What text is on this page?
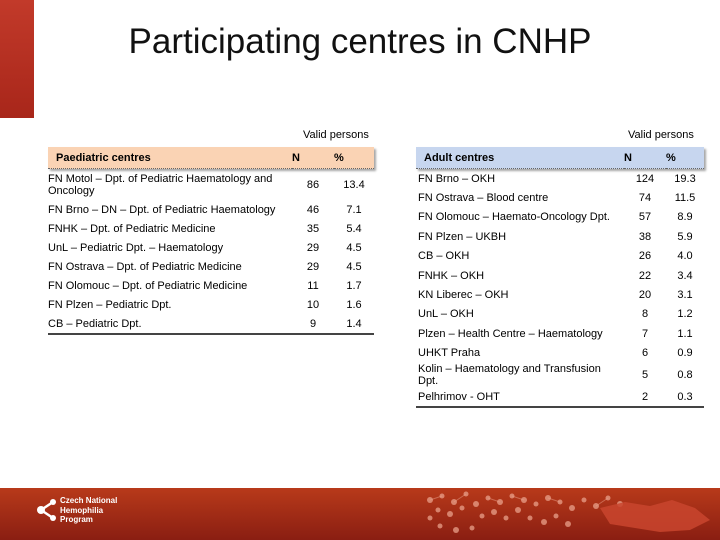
Participating centres in CNHP
Valid persons
Paediatric centres	N	%
FN Motol – Dpt. of Pediatric Haematology and Oncology	86	13.4
FN Brno – DN – Dpt. of Pediatric Haematology	46	7.1
FNHK – Dpt. of Pediatric Medicine	35	5.4
UnL – Pediatric Dpt. – Haematology	29	4.5
FN Ostrava – Dpt. of Pediatric Medicine	29	4.5
FN Olomouc – Dpt. of Pediatric Medicine	11	1.7
FN Plzen – Pediatric Dpt.	10	1.6
CB – Pediatric Dpt.	9	1.4
Valid persons
Adult centres	N	%
FN Brno – OKH	124	19.3
FN Ostrava – Blood centre	74	11.5
FN Olomouc – Haemato-Oncology Dpt.	57	8.9
FN Plzen – UKBH	38	5.9
CB – OKH	26	4.0
FNHK – OKH	22	3.4
KN Liberec – OKH	20	3.1
UnL – OKH	8	1.2
Plzen – Health Centre – Haematology	7	1.1
UHKT Praha	6	0.9
Kolin – Haematology and Transfusion Dpt.	5	0.8
Pelhrimov - OHT	2	0.3
Czech National
Hemophilia
Program
